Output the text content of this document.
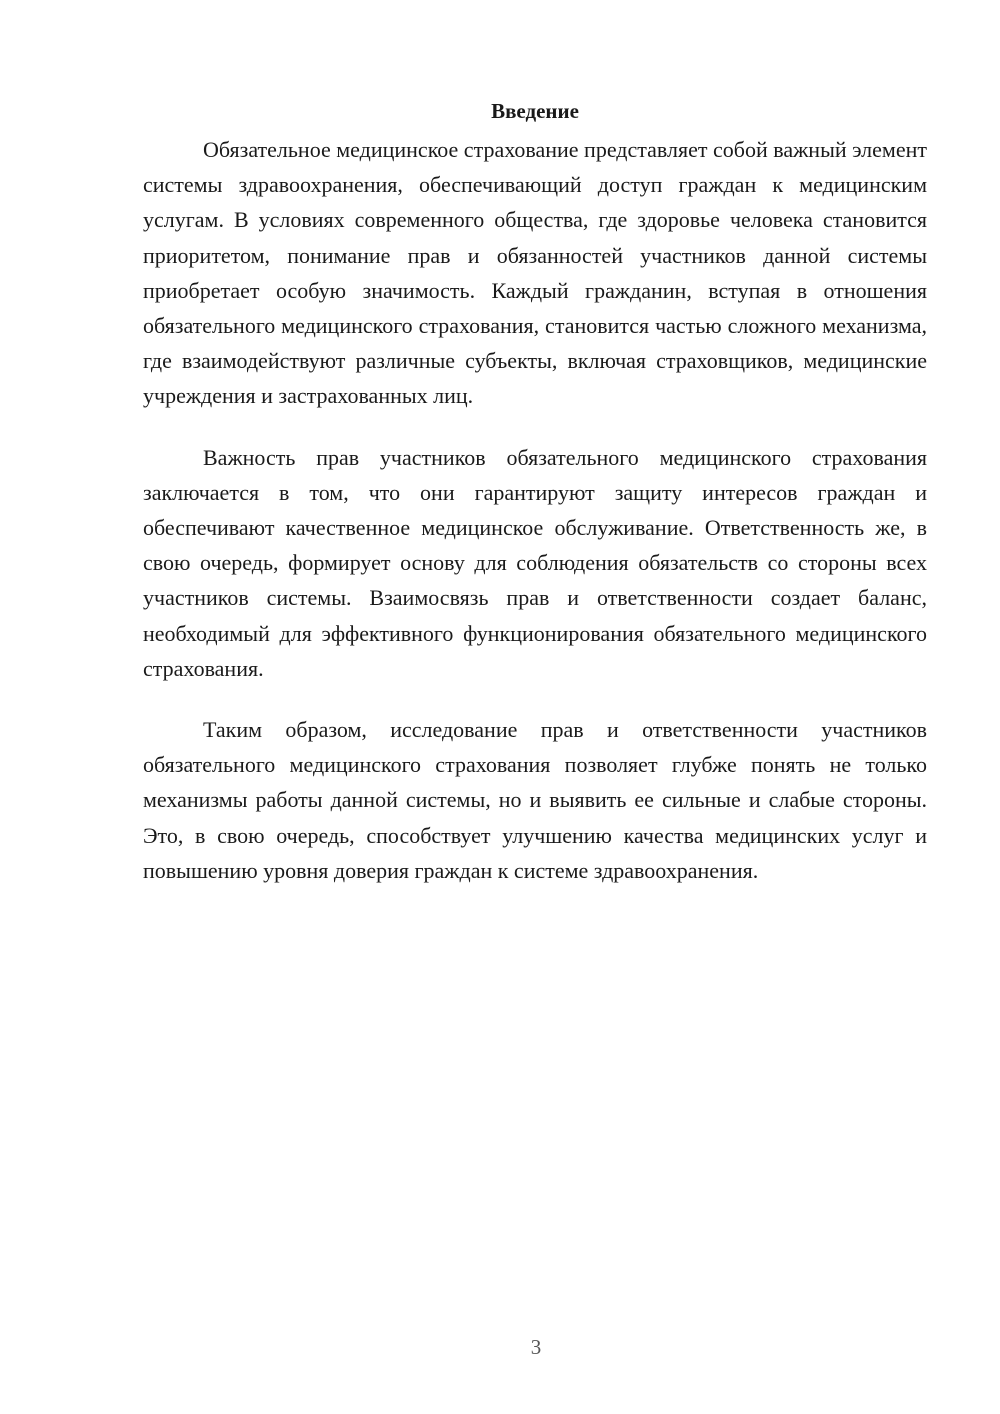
Введение

Обязательное медицинское страхование представляет собой важный элемент системы здравоохранения, обеспечивающий доступ граждан к медицинским услугам. В условиях современного общества, где здоровье человека становится приоритетом, понимание прав и обязанностей участников данной системы приобретает особую значимость. Каждый гражданин, вступая в отношения обязательного медицинского страхования, становится частью сложного механизма, где взаимодействуют различные субъекты, включая страховщиков, медицинские учреждения и застрахованных лиц.

Важность прав участников обязательного медицинского страхования заключается в том, что они гарантируют защиту интересов граждан и обеспечивают качественное медицинское обслуживание. Ответственность же, в свою очередь, формирует основу для соблюдения обязательств со стороны всех участников системы. Взаимосвязь прав и ответственности создает баланс, необходимый для эффективного функционирования обязательного медицинского страхования.

Таким образом, исследование прав и ответственности участников обязательного медицинского страхования позволяет глубже понять не только механизмы работы данной системы, но и выявить ее сильные и слабые стороны. Это, в свою очередь, способствует улучшению качества медицинских услуг и повышению уровня доверия граждан к системе здравоохранения.

3
